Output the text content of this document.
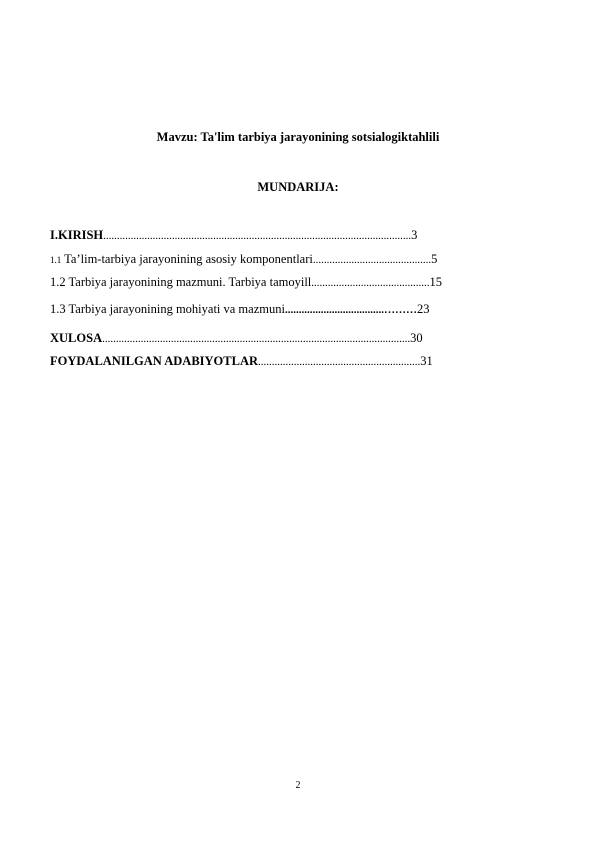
Mavzu: Ta'lim tarbiya jarayonining sotsialogiktahlili
MUNDARIJA:
I.KIRISH................................................................................................................3
1.1 Ta’lim-tarbiya jarayonining asosiy komponentlari...........................................5
1.2 Tarbiya jarayonining mazmuni. Tarbiya tamoyill...........................................15
1.3 Tarbiya jarayonining mohiyati va mazmuni....................................………23
XULOSA................................................................................................................30
FOYDALANILGAN ADABIYOTLAR...........................................................31
2
